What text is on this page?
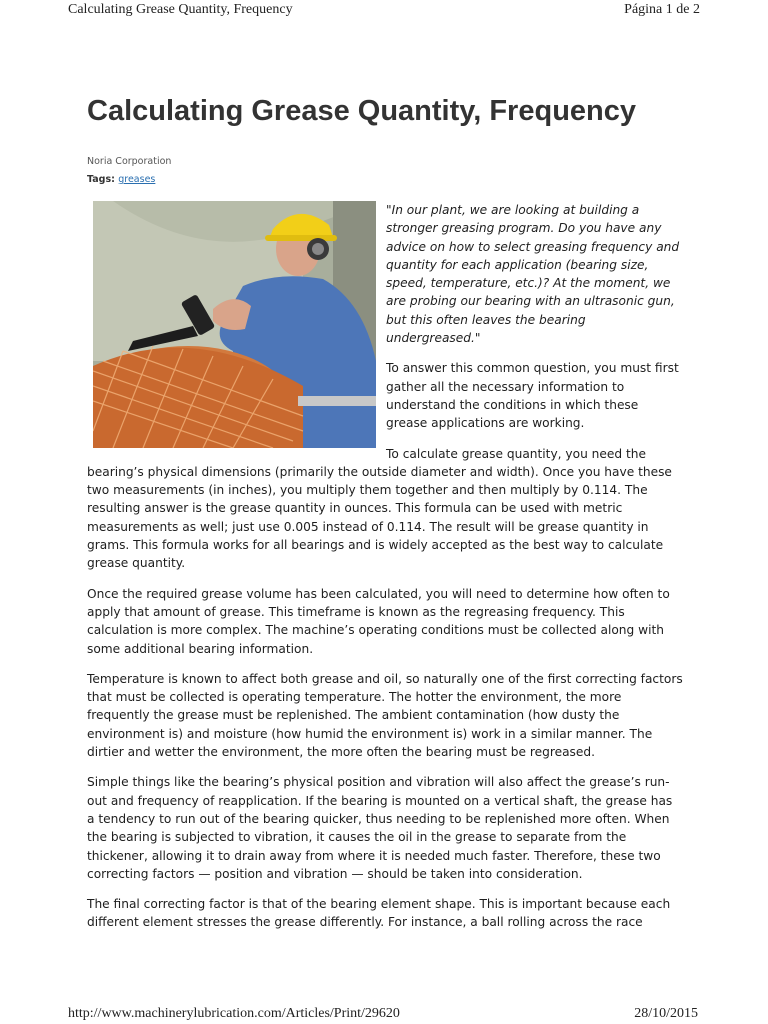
Calculating Grease Quantity, Frequency	Página 1 de 2
Calculating Grease Quantity, Frequency
Noria Corporation
Tags: greases

"In our plant, we are looking at building a stronger greasing program. Do you have any advice on how to select greasing frequency and quantity for each application (bearing size, speed, temperature, etc.)? At the moment, we are probing our bearing with an ultrasonic gun, but this often leaves the bearing undergreased."

To answer this common question, you must first gather all the necessary information to understand the conditions in which these grease applications are working.

To calculate grease quantity, you need the bearing’s physical dimensions (primarily the outside diameter and width). Once you have these two measurements (in inches), you multiply them together and then multiply by 0.114. The resulting answer is the grease quantity in ounces. This formula can be used with metric measurements as well; just use 0.005 instead of 0.114. The result will be grease quantity in grams. This formula works for all bearings and is widely accepted as the best way to calculate grease quantity.

Once the required grease volume has been calculated, you will need to determine how often to apply that amount of grease. This timeframe is known as the regreasing frequency. This calculation is more complex. The machine’s operating conditions must be collected along with some additional bearing information.

Temperature is known to affect both grease and oil, so naturally one of the first correcting factors that must be collected is operating temperature. The hotter the environment, the more frequently the grease must be replenished. The ambient contamination (how dusty the environment is) and moisture (how humid the environment is) work in a similar manner. The dirtier and wetter the environment, the more often the bearing must be regreased.

Simple things like the bearing’s physical position and vibration will also affect the grease’s run-out and frequency of reapplication. If the bearing is mounted on a vertical shaft, the grease has a tendency to run out of the bearing quicker, thus needing to be replenished more often. When the bearing is subjected to vibration, it causes the oil in the grease to separate from the thickener, allowing it to drain away from where it is needed much faster. Therefore, these two correcting factors — position and vibration — should be taken into consideration.

The final correcting factor is that of the bearing element shape. This is important because each different element stresses the grease differently. For instance, a ball rolling across the race

http://www.machinerylubrication.com/Articles/Print/29620	28/10/2015
